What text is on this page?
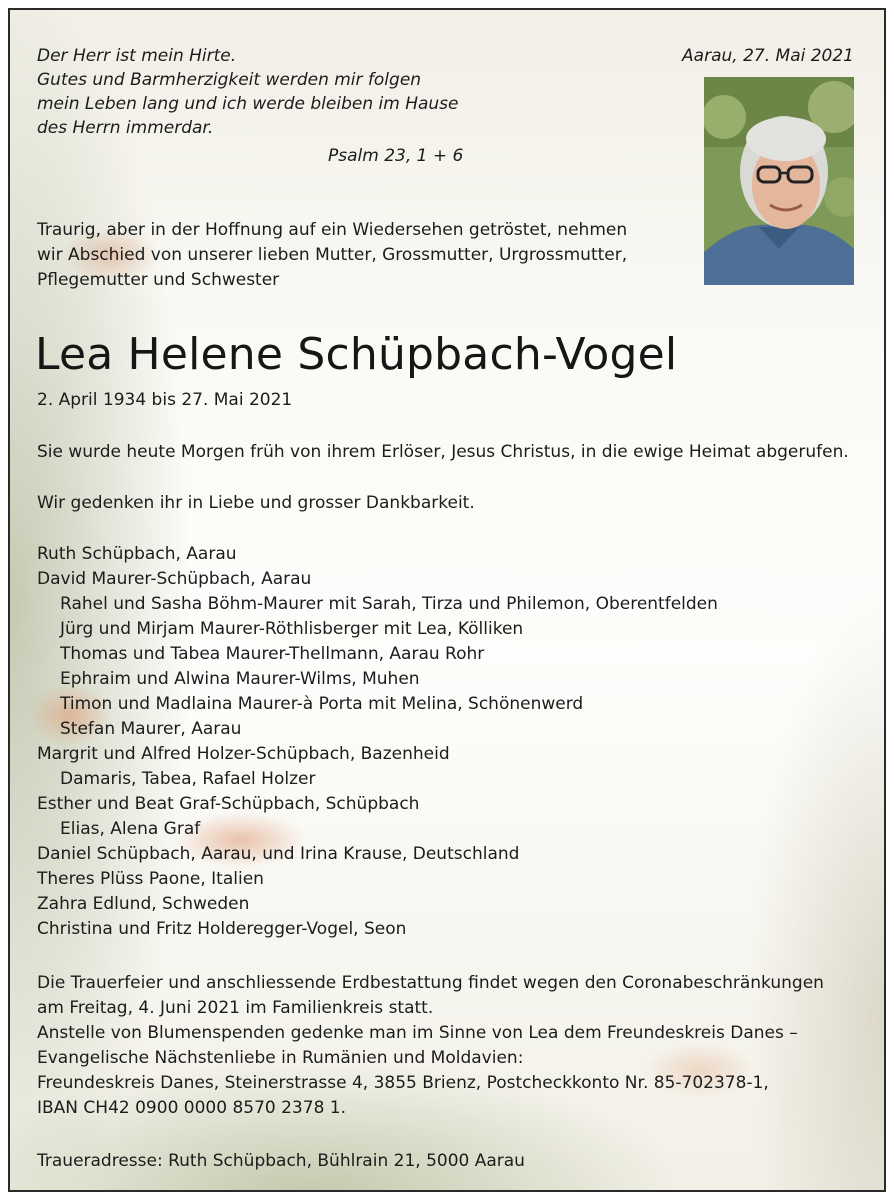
Der Herr ist mein Hirte.
Gutes und Barmherzigkeit werden mir folgen
mein Leben lang und ich werde bleiben im Hause
des Herrn immerdar.
Psalm 23, 1 + 6
Aarau, 27. Mai 2021
Traurig, aber in der Hoffnung auf ein Wiedersehen getröstet, nehmen
wir Abschied von unserer lieben Mutter, Grossmutter, Urgrossmutter,
Pflegemutter und Schwester
Lea Helene Schüpbach-Vogel
2. April 1934 bis 27. Mai 2021
Sie wurde heute Morgen früh von ihrem Erlöser, Jesus Christus, in die ewige Heimat abgerufen.
Wir gedenken ihr in Liebe und grosser Dankbarkeit.
Ruth Schüpbach, Aarau
David Maurer-Schüpbach, Aarau
Rahel und Sasha Böhm-Maurer mit Sarah, Tirza und Philemon, Oberentfelden
Jürg und Mirjam Maurer-Röthlisberger mit Lea, Kölliken
Thomas und Tabea Maurer-Thellmann, Aarau Rohr
Ephraim und Alwina Maurer-Wilms, Muhen
Timon und Madlaina Maurer-à Porta mit Melina, Schönenwerd
Stefan Maurer, Aarau
Margrit und Alfred Holzer-Schüpbach, Bazenheid
Damaris, Tabea, Rafael Holzer
Esther und Beat Graf-Schüpbach, Schüpbach
Elias, Alena Graf
Daniel Schüpbach, Aarau, und Irina Krause, Deutschland
Theres Plüss Paone, Italien
Zahra Edlund, Schweden
Christina und Fritz Holderegger-Vogel, Seon
Die Trauerfeier und anschliessende Erdbestattung findet wegen den Coronabeschränkungen
am Freitag, 4. Juni 2021 im Familienkreis statt.
Anstelle von Blumenspenden gedenke man im Sinne von Lea dem Freundeskreis Danes –
Evangelische Nächstenliebe in Rumänien und Moldavien:
Freundeskreis Danes, Steinerstrasse 4, 3855 Brienz, Postcheckkonto Nr. 85-702378-1,
IBAN CH42 0900 0000 8570 2378 1.
Traueradresse: Ruth Schüpbach, Bühlrain 21, 5000 Aarau
